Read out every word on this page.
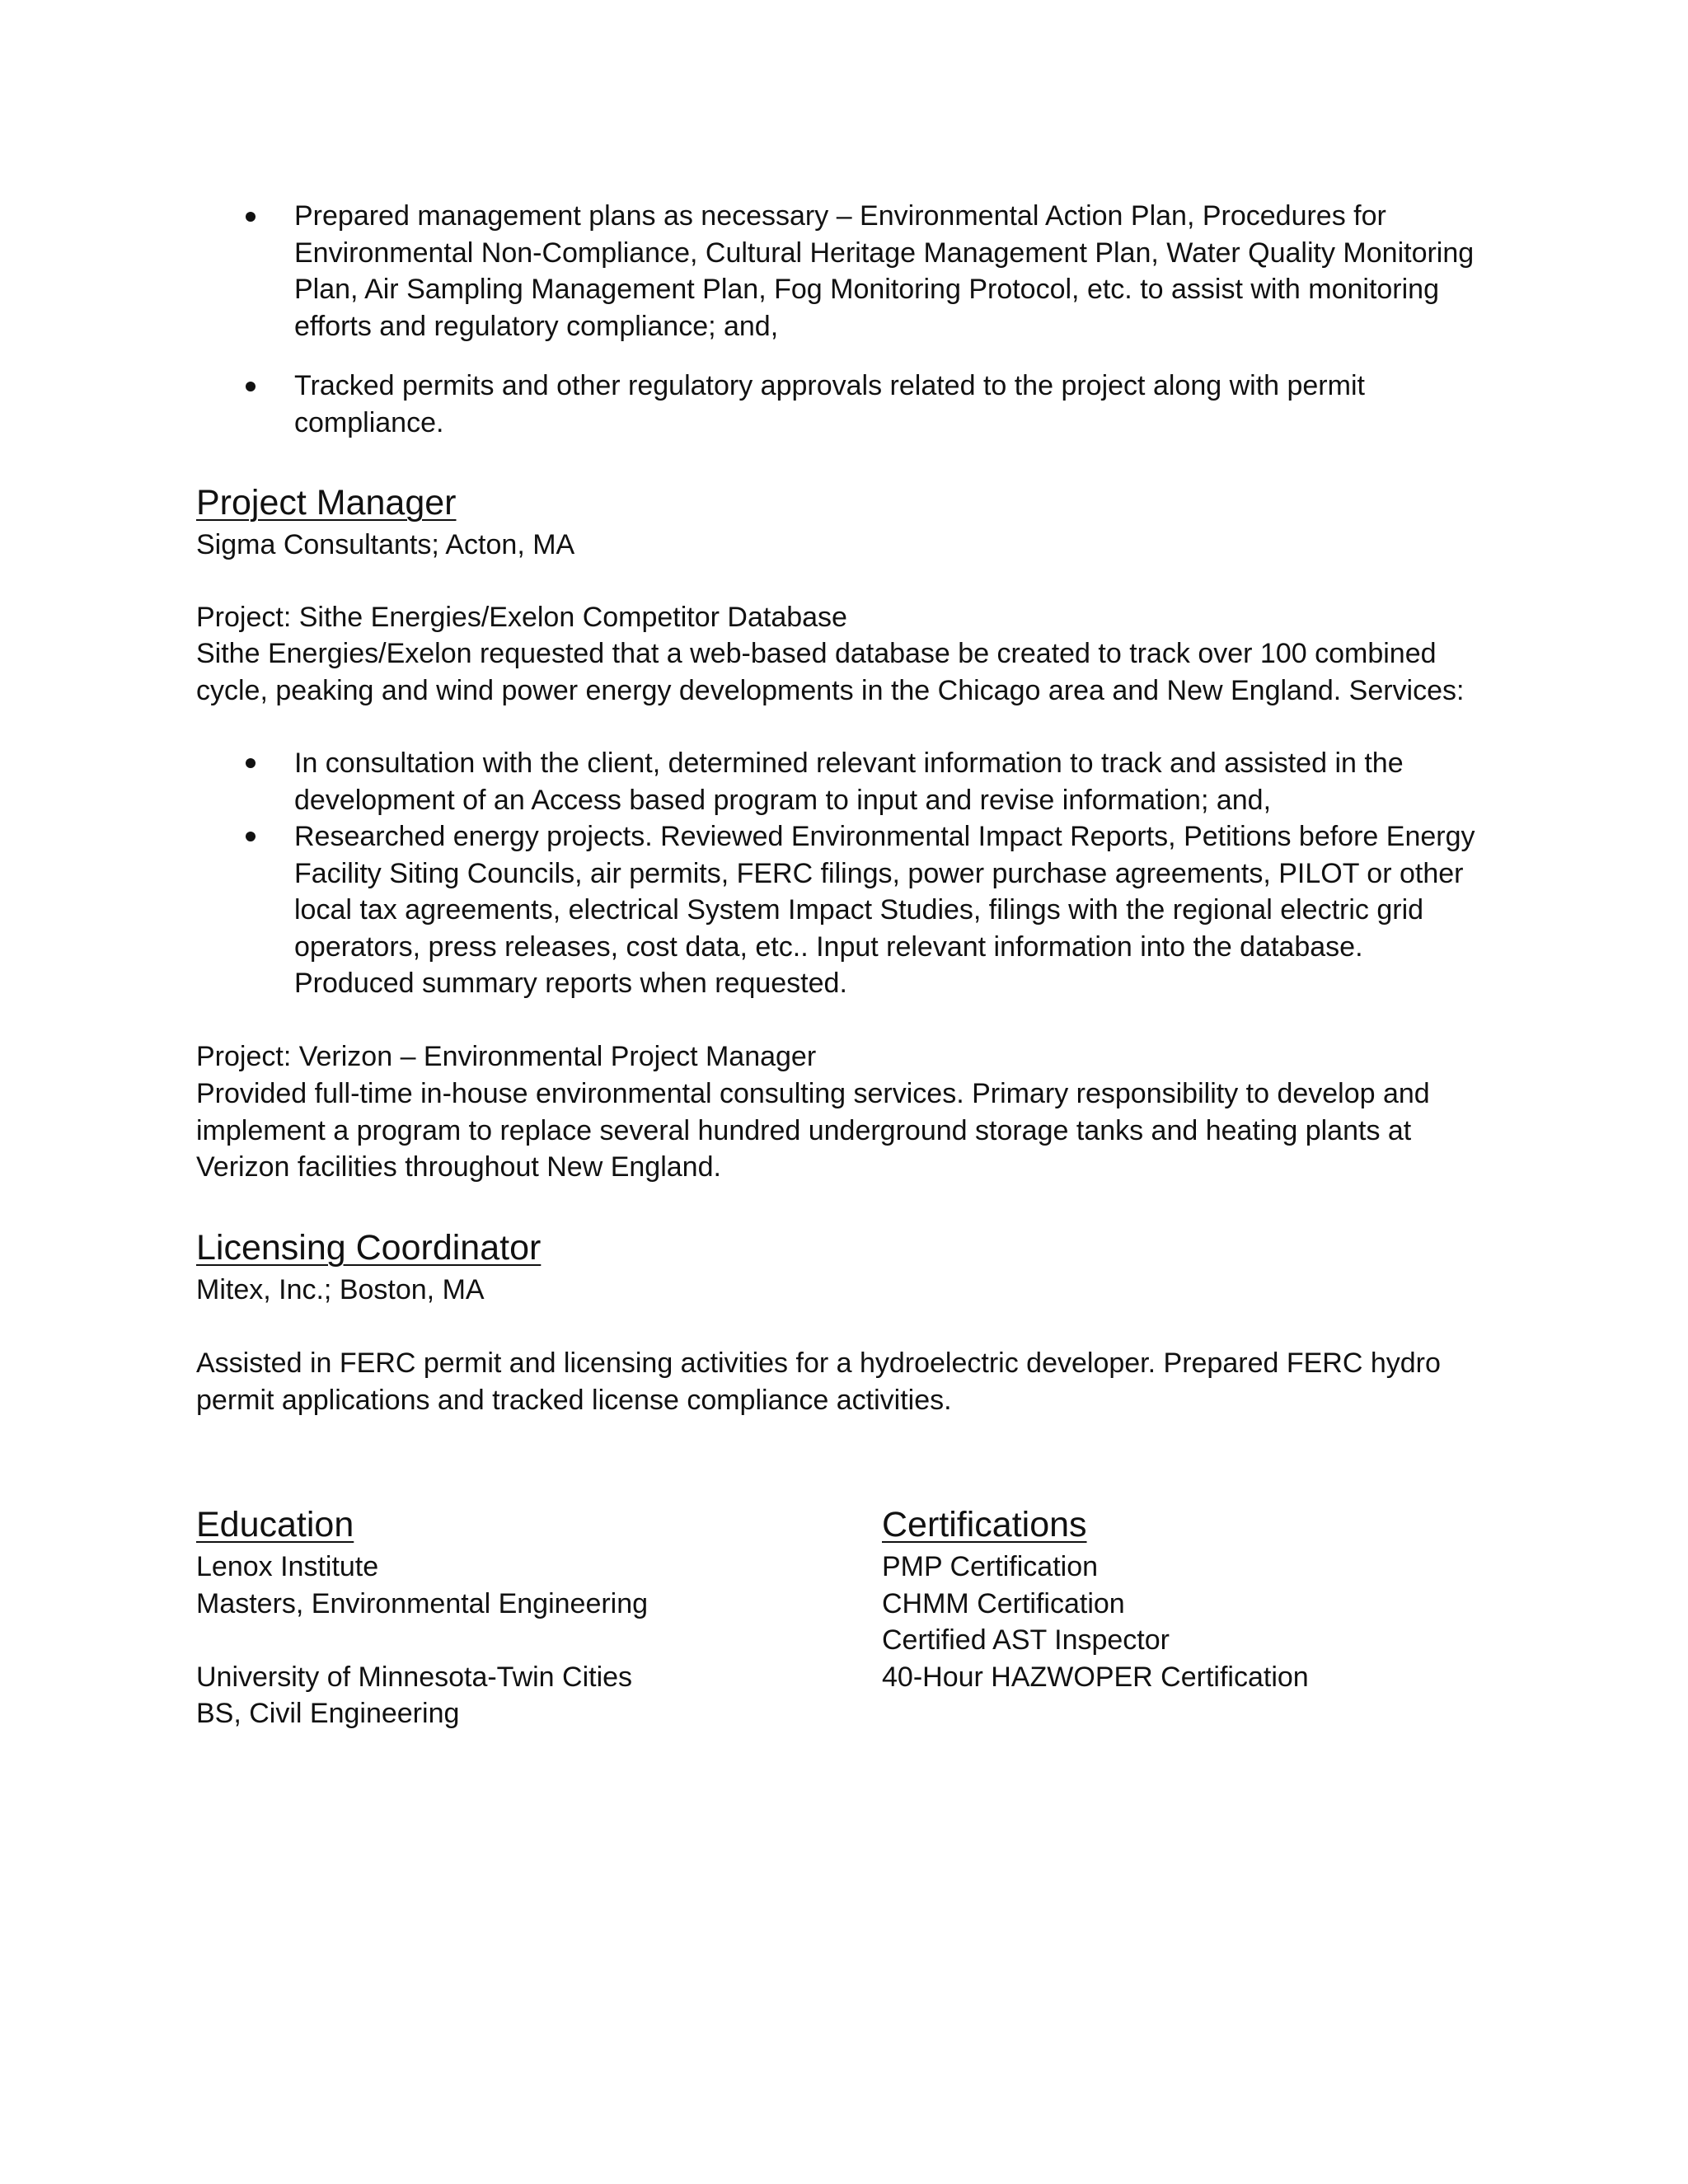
Prepared management plans as necessary – Environmental Action Plan, Procedures for
Environmental Non-Compliance, Cultural Heritage Management Plan, Water Quality Monitoring
Plan, Air Sampling Management Plan, Fog Monitoring Protocol, etc. to assist with monitoring
efforts and regulatory compliance; and,
Tracked permits and other regulatory approvals related to the project along with permit
compliance.
Project Manager
Sigma Consultants; Acton, MA
Project: Sithe Energies/Exelon Competitor Database
Sithe Energies/Exelon requested that a web-based database be created to track over 100 combined
cycle, peaking and wind power energy developments in the Chicago area and New England. Services:
In consultation with the client, determined relevant information to track and assisted in the
development of an Access based program to input and revise information; and,
Researched energy projects. Reviewed Environmental Impact Reports, Petitions before Energy
Facility Siting Councils, air permits, FERC filings, power purchase agreements, PILOT or other
local tax agreements, electrical System Impact Studies, filings with the regional electric grid
operators, press releases, cost data, etc.. Input relevant information into the database.
Produced summary reports when requested.
Project: Verizon – Environmental Project Manager
Provided full-time in-house environmental consulting services. Primary responsibility to develop and
implement a program to replace several hundred underground storage tanks and heating plants at
Verizon facilities throughout New England.
Licensing Coordinator
Mitex, Inc.; Boston, MA
Assisted in FERC permit and licensing activities for a hydroelectric developer. Prepared FERC hydro
permit applications and tracked license compliance activities.
Education
Lenox Institute
Masters, Environmental Engineering
University of Minnesota-Twin Cities
BS, Civil Engineering
Certifications
PMP Certification
CHMM Certification
Certified AST Inspector
40-Hour HAZWOPER Certification
